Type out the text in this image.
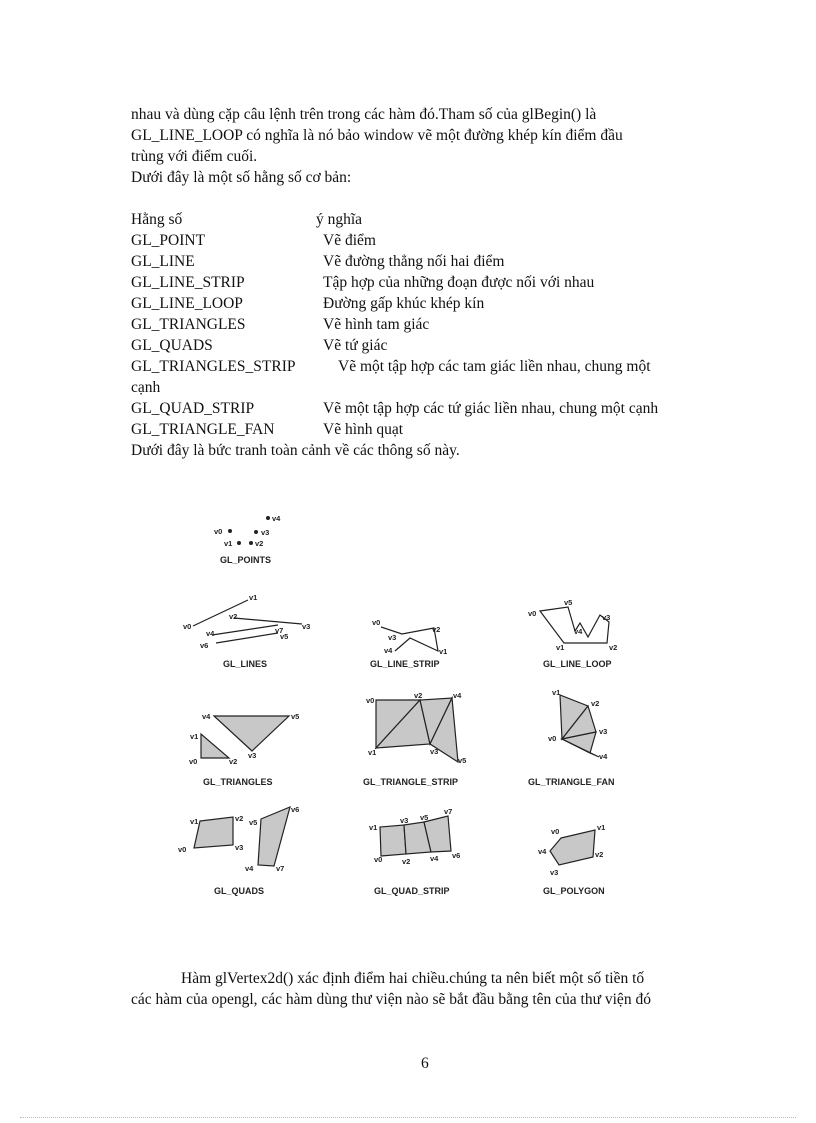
nhau và dùng cặp câu lệnh trên trong các hàm đó.Tham số của glBegin() là
GL_LINE_LOOP có nghĩa là nó bảo window vẽ một đường khép kín điểm đầu
trùng với điểm cuối.
Dưới đây là một số hằng số cơ bản:
Hằng số	ý nghĩa
GL_POINT	Vẽ điểm
GL_LINE	Vẽ đường thẳng nối hai điểm
GL_LINE_STRIP	Tập hợp của những đoạn được nối với nhau
GL_LINE_LOOP	Đường gấp khúc khép kín
GL_TRIANGLES	Vẽ hình tam giác
GL_QUADS	Vẽ tứ giác
GL_TRIANGLES_STRIP	Vẽ một tập hợp các tam giác liền nhau, chung một
cạnh
GL_QUAD_STRIP	Vẽ một tập hợp các tứ giác liền nhau, chung một cạnh
GL_TRIANGLE_FAN	Vẽ hình quạt
Dưới đây là bức tranh toàn cảnh về các thông số này.
v0
v1	v2
v3
v4
GL_POINTS
v0
v1
v2
v3
v4	v5
v6
v7
GL_LINES
v0
v1
v2
v3
v4
GL_LINE_STRIP
v0
v1	v2
v3
v4
v5
GL_LINE_LOOP
v1
v0	v2
v4	v5
v3
GL_TRIANGLES
v0
v1
v2
v3
v4
v5
GL_TRIANGLE_STRIP
v1
v2
v0
v3
v4
GL_TRIANGLE_FAN
v1	v2
v0	v3
v5
v6
v4	v7
GL_QUADS
v1
v3 v5
v7
v0	v2	v4 v6
GL_QUAD_STRIP
v0	v1
v2
v3
v4
GL_POLYGON
Hàm glVertex2d() xác định điểm hai chiều.chúng ta nên biết một số tiền tố
các hàm của opengl, các hàm dùng thư viện nào sẽ bắt đầu bằng tên của thư viện đó
6
